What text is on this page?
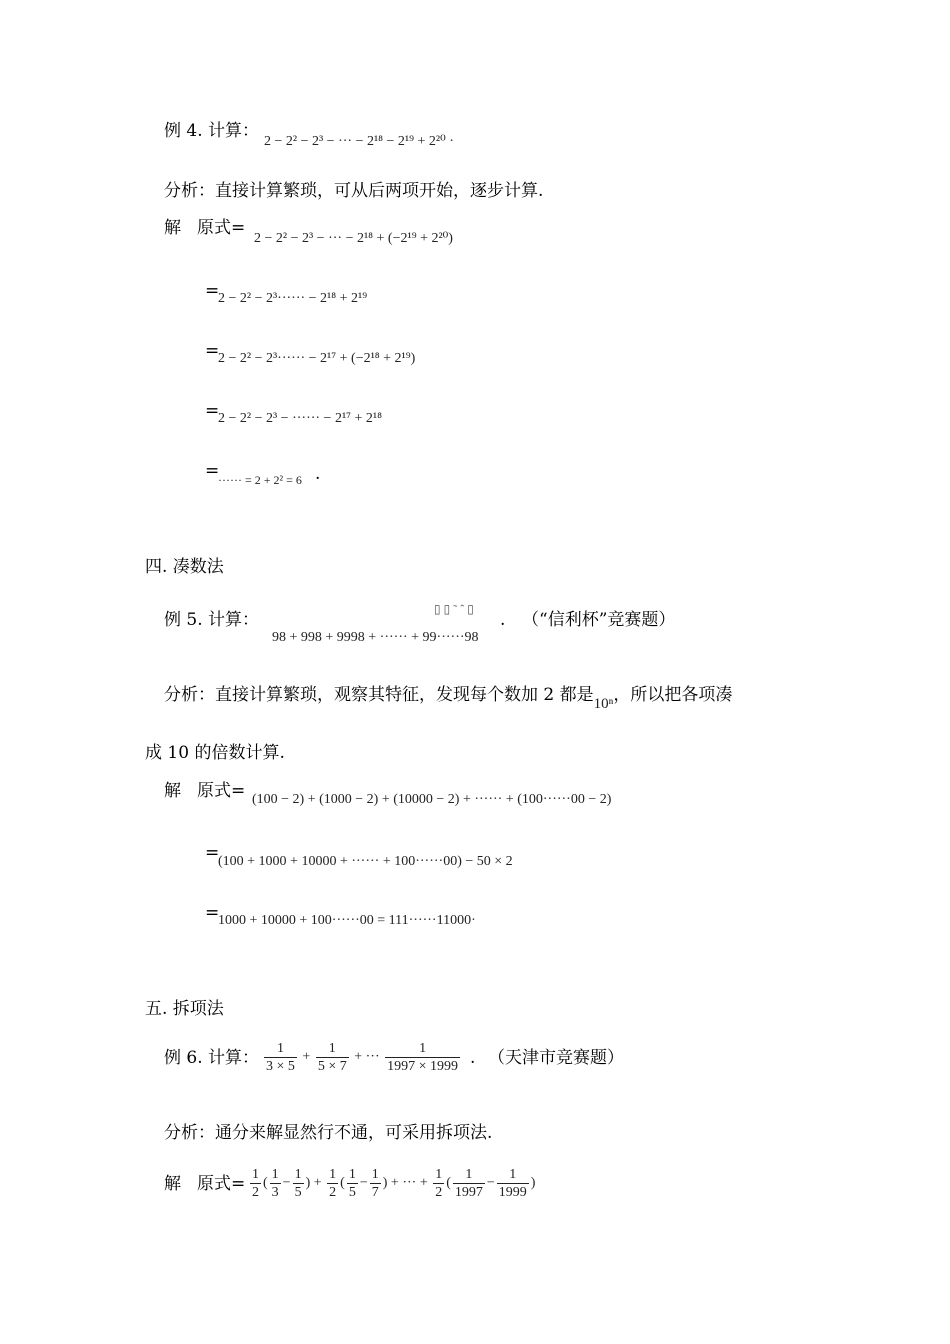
例 4. 计算：
2 − 2² − 2³ − ··· − 2¹⁸ − 2¹⁹ + 2²⁰ ·
分析：直接计算繁琐，可从后两项开始，逐步计算.
解 原式=
2 − 2² − 2³ − ··· − 2¹⁸ + (−2¹⁹ + 2²⁰)
=
2 − 2² − 2³······ − 2¹⁸ + 2¹⁹
=
2 − 2² − 2³······ − 2¹⁷ + (−2¹⁸ + 2¹⁹)
=
2 − 2² − 2³ − ······ − 2¹⁷ + 2¹⁸
=
······ = 2 + 2² = 6 .
四. 凑数法
例 5. 计算：
▯ ▯ ˜ ˆ ▯
98 + 998 + 9998 + ······ + 99······98
. （“信利杯”竞赛题）
分析：直接计算繁琐，观察其特征，发现每个数加 2 都是10ⁿ，所以把各项凑
成 10 的倍数计算.
解 原式= (100 − 2) + (1000 − 2) + (10000 − 2) + ······ + (100······00 − 2)
=
(100 + 1000 + 10000 + ······ + 100······00) − 50 × 2
=
1000 + 10000 + 100······00 = 111······11000·
五. 拆项法
例 6. 计算： $\frac{1}{3 \times 5} + \frac{1}{5 \times 7}$ + ··· $\frac{1}{1997 \times 1999}$ . （天津市竞赛题）
分析：通分来解显然行不通，可采用拆项法.
解 原式= $\frac{1}{2}$ ( $\frac{1}{3} - \frac{1}{5}$ ) + $\frac{1}{2}$ ( $\frac{1}{5} - \frac{1}{7}$ ) + ··· + $\frac{1}{2}$ ( $\frac{1}{1997} - \frac{1}{1999}$ )
